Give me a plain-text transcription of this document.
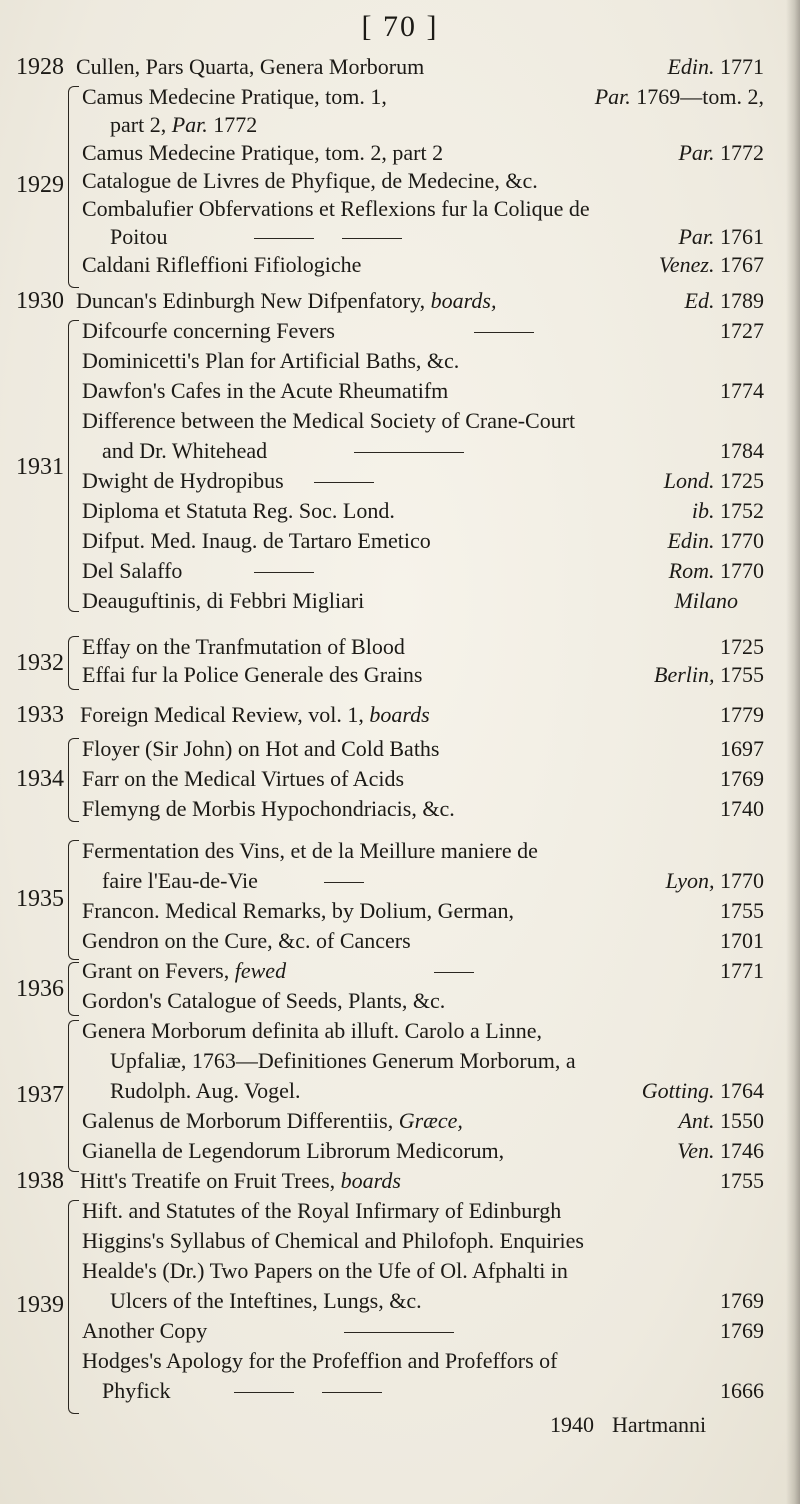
[ 70 ]
1928 Cullen, Pars Quarta, Genera Morborum	Edin. 1771
1929
Camus Medecine Pratique, tom. 1,	Par. 1769—tom. 2,
part 2, Par. 1772
Camus Medecine Pratique, tom. 2, part 2	Par. 1772
Catalogue de Livres de Phyfique, de Medecine, &c.
Combalufier Obfervations et Reflexions fur la Colique de
Poitou	Par. 1761
Caldani Rifleffioni Fifiologiche	Venez. 1767
1930 Duncan's Edinburgh New Difpenfatory, boards,	Ed. 1789
1931
Difcourfe concerning Fevers	1727
Dominicetti's Plan for Artificial Baths, &c.
Dawfon's Cafes in the Acute Rheumatifm	1774
Difference between the Medical Society of Crane-Court
and Dr. Whitehead	1784
Dwight de Hydropibus	Lond. 1725
Diploma et Statuta Reg. Soc. Lond.	ib. 1752
Difput. Med. Inaug. de Tartaro Emetico	Edin. 1770
Del Salaffo	Rom. 1770
Deauguftinis, di Febbri Migliari	Milano
1932
Effay on the Tranfmutation of Blood	1725
Effai fur la Police Generale des Grains	Berlin, 1755
1933 Foreign Medical Review, vol. 1, boards	1779
1934
Floyer (Sir John) on Hot and Cold Baths	1697
Farr on the Medical Virtues of Acids	1769
Flemyng de Morbis Hypochondriacis, &c.	1740
1935
Fermentation des Vins, et de la Meillure maniere de
faire l'Eau-de-Vie	Lyon, 1770
Francon. Medical Remarks, by Dolium, German,	1755
Gendron on the Cure, &c. of Cancers	1701
1936
Grant on Fevers, fewed	1771
Gordon's Catalogue of Seeds, Plants, &c.
1937
Genera Morborum definita ab illuft. Carolo a Linne,
Upfaliæ, 1763—Definitiones Generum Morborum, a
Rudolph. Aug. Vogel.	Gotting. 1764
Galenus de Morborum Differentiis, Græce,	Ant. 1550
Gianella de Legendorum Librorum Medicorum,	Ven. 1746
1938 Hitt's Treatife on Fruit Trees, boards	1755
1939
Hift. and Statutes of the Royal Infirmary of Edinburgh
Higgins's Syllabus of Chemical and Philofoph. Enquiries
Healde's (Dr.) Two Papers on the Ufe of Ol. Afphalti in
Ulcers of the Inteftines, Lungs, &c.	1769
Another Copy	1769
Hodges's Apology for the Profeffion and Profeffors of
Phyfick	1666
1940 Hartmanni
